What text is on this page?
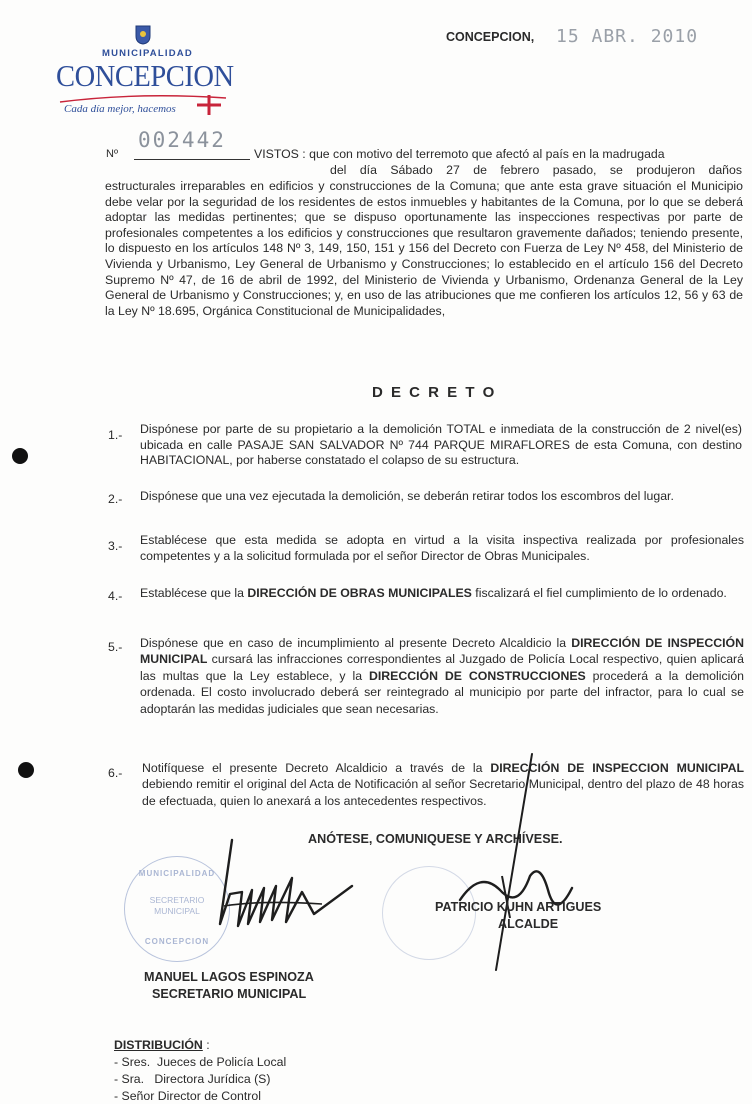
MUNICIPALIDAD
CONCEPCION
Cada día mejor, hacemos
CONCEPCION, 15 ABR. 2010
Nº
002442
VISTOS : que con motivo del terremoto que afectó al país en la madrugada
del día Sábado 27 de febrero pasado, se produjeron daños
estructurales irreparables en edificios y construcciones de la Comuna; que ante esta grave situación el Municipio debe velar por la seguridad de los residentes de estos inmuebles y habitantes de la Comuna, por lo que se deberá adoptar las medidas pertinentes; que se dispuso oportunamente las inspecciones respectivas por parte de profesionales competentes a los edificios y construcciones que resultaron gravemente dañados; teniendo presente, lo dispuesto en los artículos 148 Nº 3, 149, 150, 151 y 156 del Decreto con Fuerza de Ley Nº 458, del Ministerio de Vivienda y Urbanismo, Ley General de Urbanismo y Construcciones; lo establecido en el artículo 156 del Decreto Supremo Nº 47, de 16 de abril de 1992, del Ministerio de Vivienda y Urbanismo, Ordenanza General de la Ley General de Urbanismo y Construcciones; y, en uso de las atribuciones que me confieren los artículos 12, 56 y 63 de la Ley Nº 18.695, Orgánica Constitucional de Municipalidades,
D E C R E T O
1.- Dispónese por parte de su propietario a la demolición TOTAL e inmediata de la construcción de 2 nivel(es) ubicada en calle PASAJE SAN SALVADOR Nº 744 PARQUE MIRAFLORES de esta Comuna, con destino HABITACIONAL, por haberse constatado el colapso de su estructura.
2.- Dispónese que una vez ejecutada la demolición, se deberán retirar todos los escombros del lugar.
3.- Establécese que esta medida se adopta en virtud a la visita inspectiva realizada por profesionales competentes y a la solicitud formulada por el señor Director de Obras Municipales.
4.- Establécese que la DIRECCIÓN DE OBRAS MUNICIPALES fiscalizará el fiel cumplimiento de lo ordenado.
5.- Dispónese que en caso de incumplimiento al presente Decreto Alcaldicio la DIRECCIÓN DE INSPECCIÓN MUNICIPAL cursará las infracciones correspondientes al Juzgado de Policía Local respectivo, quien aplicará las multas que la Ley establece, y la DIRECCIÓN DE CONSTRUCCIONES procederá a la demolición ordenada. El costo involucrado deberá ser reintegrado al municipio por parte del infractor, para lo cual se adoptarán las medidas judiciales que sean necesarias.
6.- Notifíquese el presente Decreto Alcaldicio a través de la DIRECCIÓN DE INSPECCION MUNICIPAL debiendo remitir el original del Acta de Notificación al señor Secretario Municipal, dentro del plazo de 48 horas de efectuada, quien lo anexará a los antecedentes respectivos.
ANÓTESE, COMUNIQUESE Y ARCHÍVESE.
MUNICIPALIDAD
SECRETARIO MUNICIPAL
CONCEPCION
PATRICIO KUHN ARTIGUES
ALCALDE
MANUEL LAGOS ESPINOZA
SECRETARIO MUNICIPAL
DISTRIBUCIÓN :
- Sres.  Jueces de Policía Local
- Sra.   Directora Jurídica (S)
- Señor Director de Control
